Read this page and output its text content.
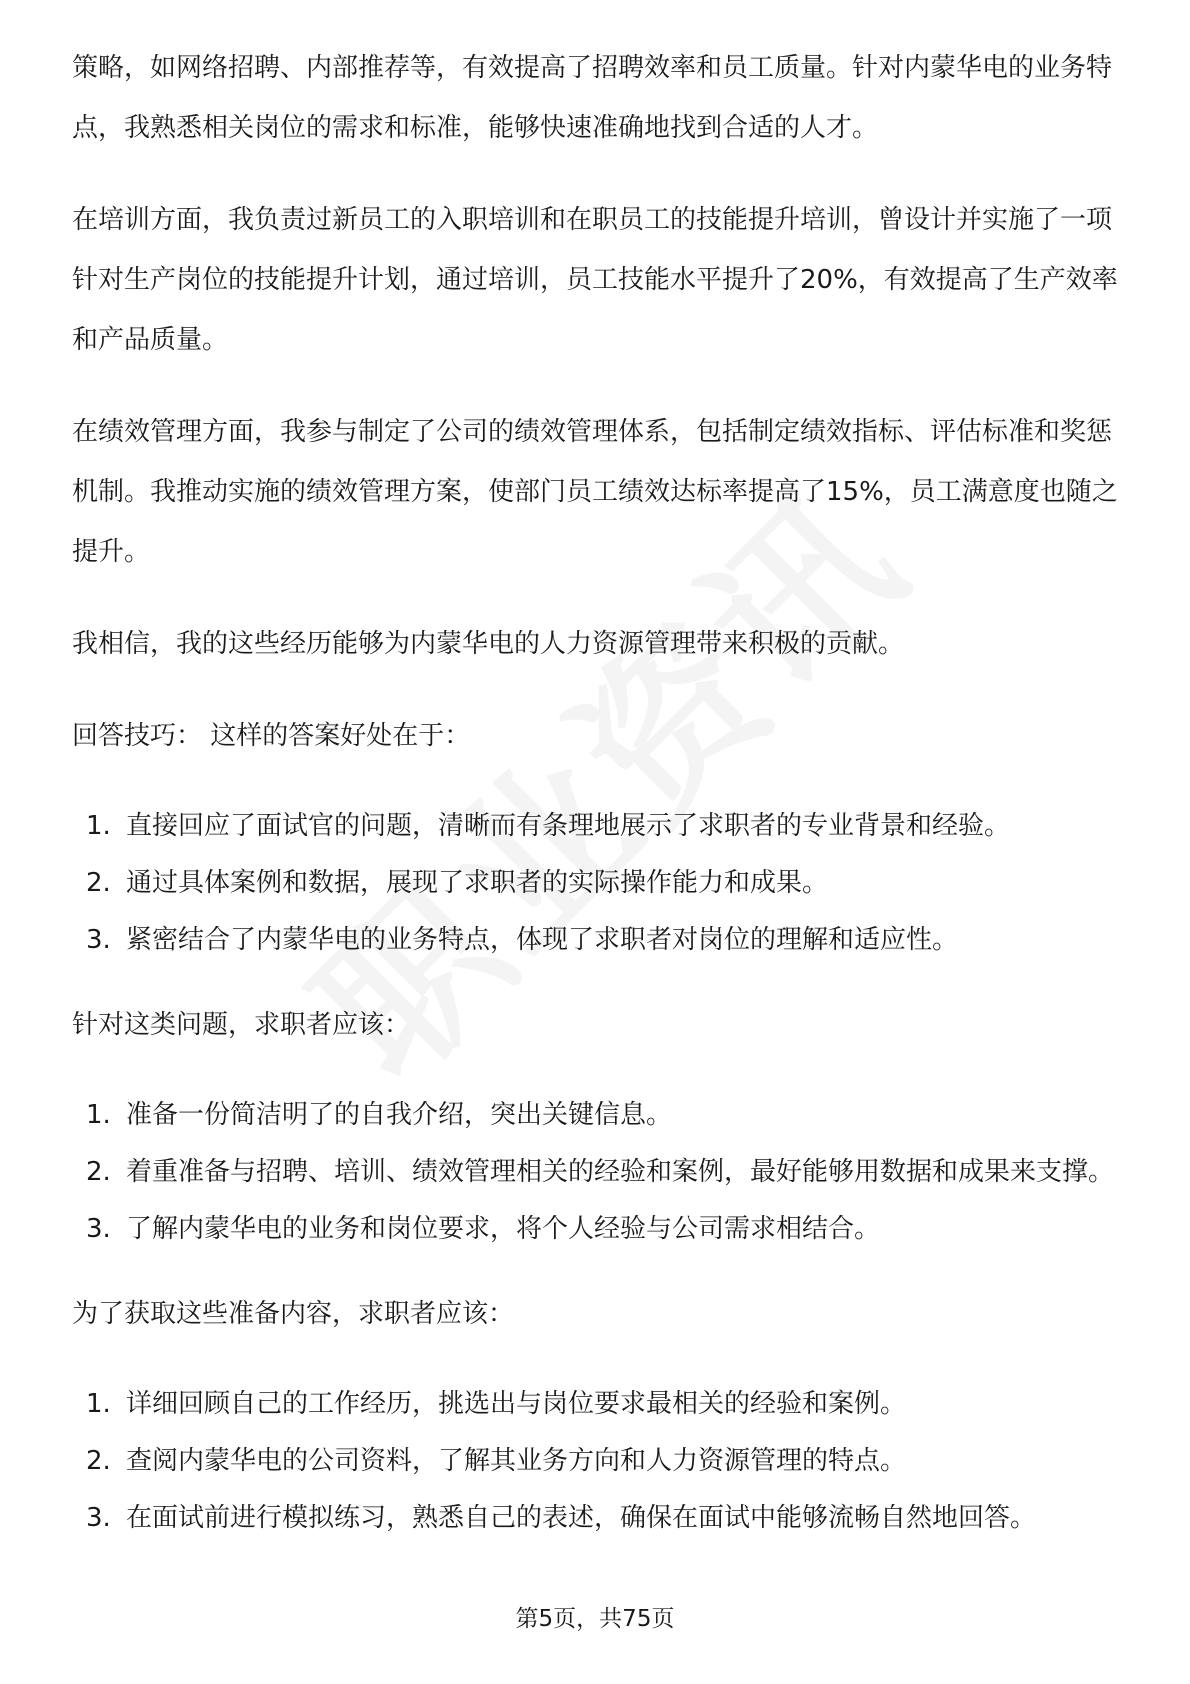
策略，如网络招聘、内部推荐等，有效提高了招聘效率和员工质量。针对内蒙华电的业务特点，我熟悉相关岗位的需求和标准，能够快速准确地找到合适的人才。

在培训方面，我负责过新员工的入职培训和在职员工的技能提升培训，曾设计并实施了一项针对生产岗位的技能提升计划，通过培训，员工技能水平提升了20%，有效提高了生产效率和产品质量。

在绩效管理方面，我参与制定了公司的绩效管理体系，包括制定绩效指标、评估标准和奖惩机制。我推动实施的绩效管理方案，使部门员工绩效达标率提高了15%，员工满意度也随之提升。

我相信，我的这些经历能够为内蒙华电的人力资源管理带来积极的贡献。

回答技巧： 这样的答案好处在于：

1. 直接回应了面试官的问题，清晰而有条理地展示了求职者的专业背景和经验。
2. 通过具体案例和数据，展现了求职者的实际操作能力和成果。
3. 紧密结合了内蒙华电的业务特点，体现了求职者对岗位的理解和适应性。

针对这类问题，求职者应该：

1. 准备一份简洁明了的自我介绍，突出关键信息。
2. 着重准备与招聘、培训、绩效管理相关的经验和案例，最好能够用数据和成果来支撑。
3. 了解内蒙华电的业务和岗位要求，将个人经验与公司需求相结合。

为了获取这些准备内容，求职者应该：

1. 详细回顾自己的工作经历，挑选出与岗位要求最相关的经验和案例。
2. 查阅内蒙华电的公司资料，了解其业务方向和人力资源管理的特点。
3. 在面试前进行模拟练习，熟悉自己的表述，确保在面试中能够流畅自然地回答。
第5页，共75页
